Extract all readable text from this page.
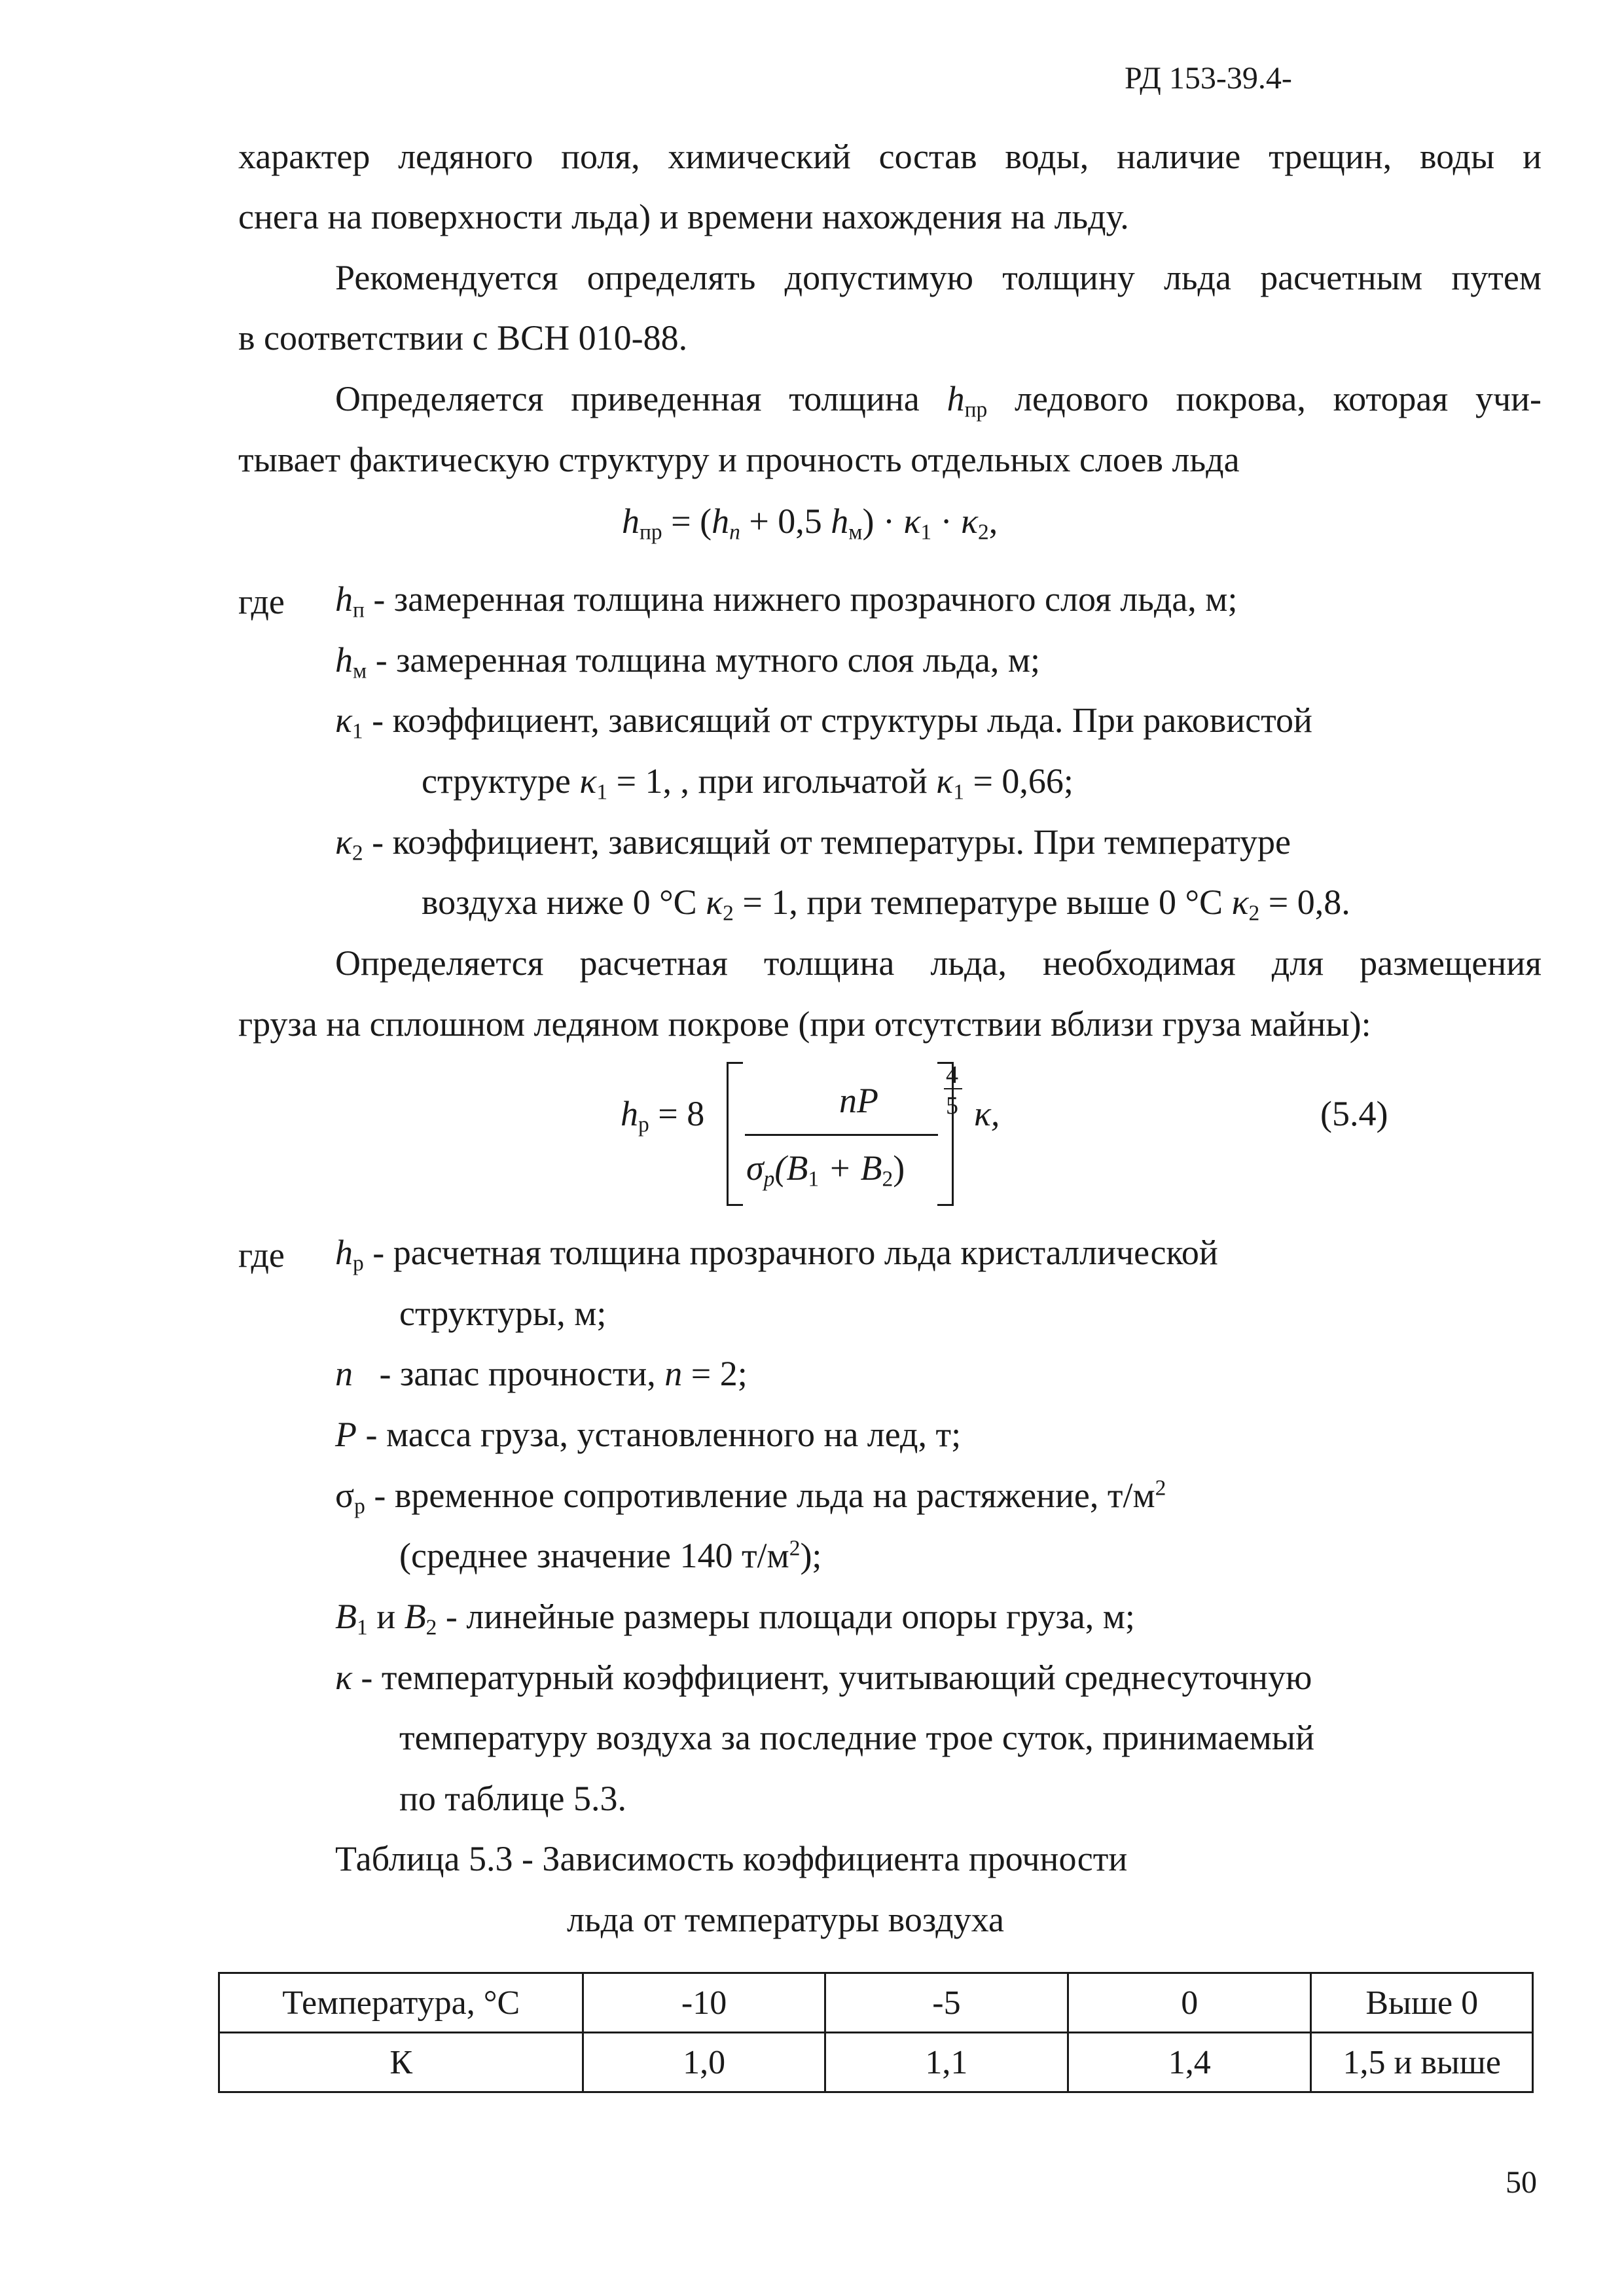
РД 153-39.4-
характер ледяного поля, химический состав воды, наличие трещин, воды и
снега на поверхности льда) и времени нахождения на льду.
Рекомендуется определять допустимую толщину льда расчетным путем
в соответствии с ВСН 010-88.
Определяется приведенная толщина $h_{пр}$ ледового покрова, которая учи-
тывает фактическую структуру и прочность отдельных слоев льда
$h_{пр} = (h_n + 0,5$ $h_м) \cdot \kappa_1 \cdot \kappa_2$,
где $h_п$ - замеренная толщина нижнего прозрачного слоя льда, м;
$h_м$ - замеренная толщина мутного слоя льда, м;
$\kappa_1$ - коэффициент, зависящий от структуры льда. При раковистой
структуре $\kappa_1 = 1$, , при игольчатой $\kappa_1 = 0,66$;
$\kappa_2$ - коэффициент, зависящий от температуры. При температуре
воздуха ниже 0 °С $\kappa_2 = 1$, при температуре выше 0 °С $\kappa_2 = 0,8$.
Определяется расчетная толщина льда, необходимая для размещения
груза на сплошном ледяном покрове (при отсутствии вблизи груза майны):
$h_р = 8$	nP
$\sigma_p(B_1 + B_2)$
4
5 κ,	(5.4)
где $h_р$ - расчетная толщина прозрачного льда кристаллической
структуры, м;
n   - запас прочности, n = 2;
P - масса груза, установленного на лед, т;
$\sigma_р$ - временное сопротивление льда на растяжение, $т/м^2$
(среднее значение 140 $т/м^2$);
$B_1$ и $B_2$ - линейные размеры площади опоры груза, м;
κ - температурный коэффициент, учитывающий среднесуточную
температуру воздуха за последние трое суток, принимаемый
по таблице 5.3.
Таблица 5.3 - Зависимость коэффициента прочности
льда от температуры воздуха
Температура, °С	-10	-5	0	Выше 0
К	1,0	1,1	1,4	1,5 и выше
50
